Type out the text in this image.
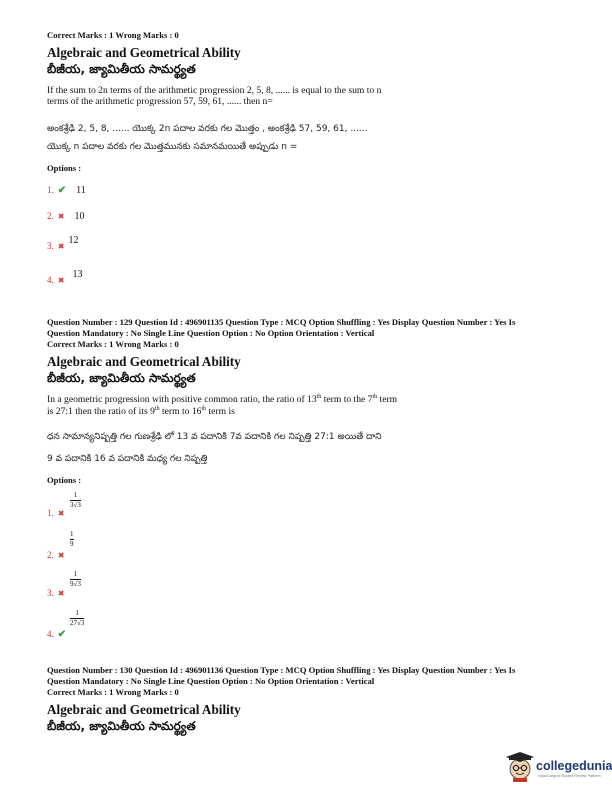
Correct Marks : 1 Wrong Marks : 0
Algebraic and Geometrical Ability
బీజీయ, జ్యామితీయ సామర్థ్యత
If the sum to 2n terms of the arithmetic progression 2, 5, 8, ...... is equal to the sum to n
terms of the arithmetic progression 57, 59, 61, ...... then n=
అంకశ్రేఢి 2, 5, 8, ...... యొక్క 2n పదాల వరకు గల మొత్తం , అంకశ్రేఢి 57, 59, 61, ......
యొక్క n పదాల వరకు గల మొత్తమునకు సమానమయితే అప్పుడు n =
Options :
1. ✔ 11
2. ✖ 10
3. ✖ $^{12}$
4. ✖ $^{13}$
Question Number : 129 Question Id : 496901135 Question Type : MCQ Option Shuffling : Yes Display Question Number : Yes Is
Question Mandatory : No Single Line Question Option : No Option Orientation : Vertical
Correct Marks : 1 Wrong Marks : 0
Algebraic and Geometrical Ability
బీజీయ, జ్యామితీయ సామర్థ్యత
In a geometric progression with positive common ratio, the ratio of 13th term to the 7th term
is 27:1 then the ratio of its 9th term to 16th term is
ధన సామాన్యనిష్పత్తి గల గుణశ్రేఢి లో 13 వ పదానికి 7వ పదానికి గల నిష్పత్తి 27:1 అయితే దాని
9 వ పదానికి 16 వ పదానికి మధ్య గల నిష్పత్తి
Options :
1. ✖
1
3√3
2. ✖
1
9
3. ✖
1
9√3
4. ✔
1
27√3
Question Number : 130 Question Id : 496901136 Question Type : MCQ Option Shuffling : Yes Display Question Number : Yes Is
Question Mandatory : No Single Line Question Option : No Option Orientation : Vertical
Correct Marks : 1 Wrong Marks : 0
Algebraic and Geometrical Ability
బీజీయ, జ్యామితీయ సామర్థ్యత
collegedunia
India's largest Student Review Platform
